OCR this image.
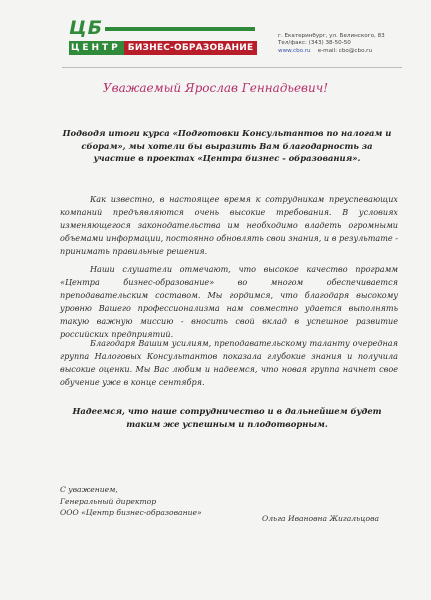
ЦБ
ЦЕНТР БИЗНЕС-ОБРАЗОВАНИЕ
г. Екатеринбург, ул. Белинского, 83
Тел/факс: (343) 38-50-50
www.cbo.ru e-mail: cbo@cbo.ru
Уважаемый Ярослав Геннадьевич!
Подводя итоги курса «Подготовки Консультантов по налогам и сборам», мы хотели бы выразить Вам благодарность за участие в проектах «Центра бизнес - образования».
Как известно, в настоящее время к сотрудникам преуспевающих компаний предъявляются очень высокие требования. В условиях изменяющегося законодательства им необходимо владеть огромными объемами информации, постоянно обновлять свои знания, и в результате - принимать правильные решения.
Наши слушатели отмечают, что высокое качество программ «Центра бизнес-образование» во многом обеспечивается преподавательским составом. Мы гордимся, что благодаря высокому уровню Вашего профессионализма нам совместно удается выполнять такую важную миссию - вносить свой вклад в успешное развитие российских предприятий.
Благодаря Вашим усилиям, преподавательскому таланту очередная группа Налоговых Консультантов показала глубокие знания и получила высокие оценки. Мы Вас любим и надеемся, что новая группа начнет свое обучение уже в конце сентября.
Надеемся, что наше сотрудничество и в дальнейшем будет таким же успешным и плодотворным.
С уважением,
Генеральный директор
ООО «Центр бизнес-образование»
Ольга Ивановна Жигальцова
